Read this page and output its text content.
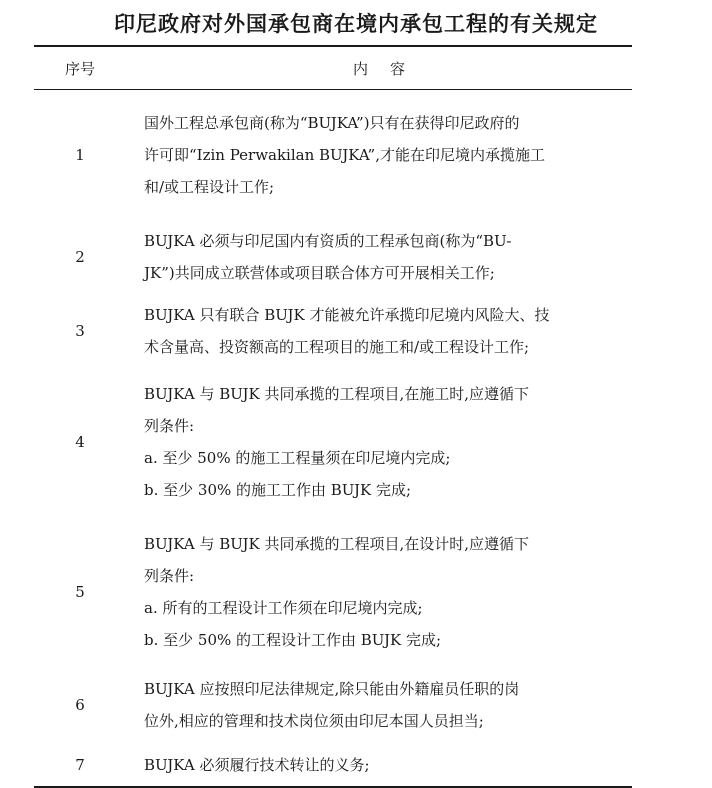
印尼政府对外国承包商在境内承包工程的有关规定
序号	内容
1
国外工程总承包商(称为“BUJKA”)只有在获得印尼政府的
许可即“Izin Perwakilan BUJKA”,才能在印尼境内承揽施工
和/或工程设计工作;
2
BUJKA 必须与印尼国内有资质的工程承包商(称为“BU-
JK”)共同成立联营体或项目联合体方可开展相关工作;
3
BUJKA 只有联合 BUJK 才能被允许承揽印尼境内风险大、技
术含量高、投资额高的工程项目的施工和/或工程设计工作;
4
BUJKA 与 BUJK 共同承揽的工程项目,在施工时,应遵循下
列条件:
a. 至少 50% 的施工工程量须在印尼境内完成;
b. 至少 30% 的施工工作由 BUJK 完成;
5
BUJKA 与 BUJK 共同承揽的工程项目,在设计时,应遵循下
列条件:
a. 所有的工程设计工作须在印尼境内完成;
b. 至少 50% 的工程设计工作由 BUJK 完成;
6
BUJKA 应按照印尼法律规定,除只能由外籍雇员任职的岗
位外,相应的管理和技术岗位须由印尼本国人员担当;
7	BUJKA 必须履行技术转让的义务;
